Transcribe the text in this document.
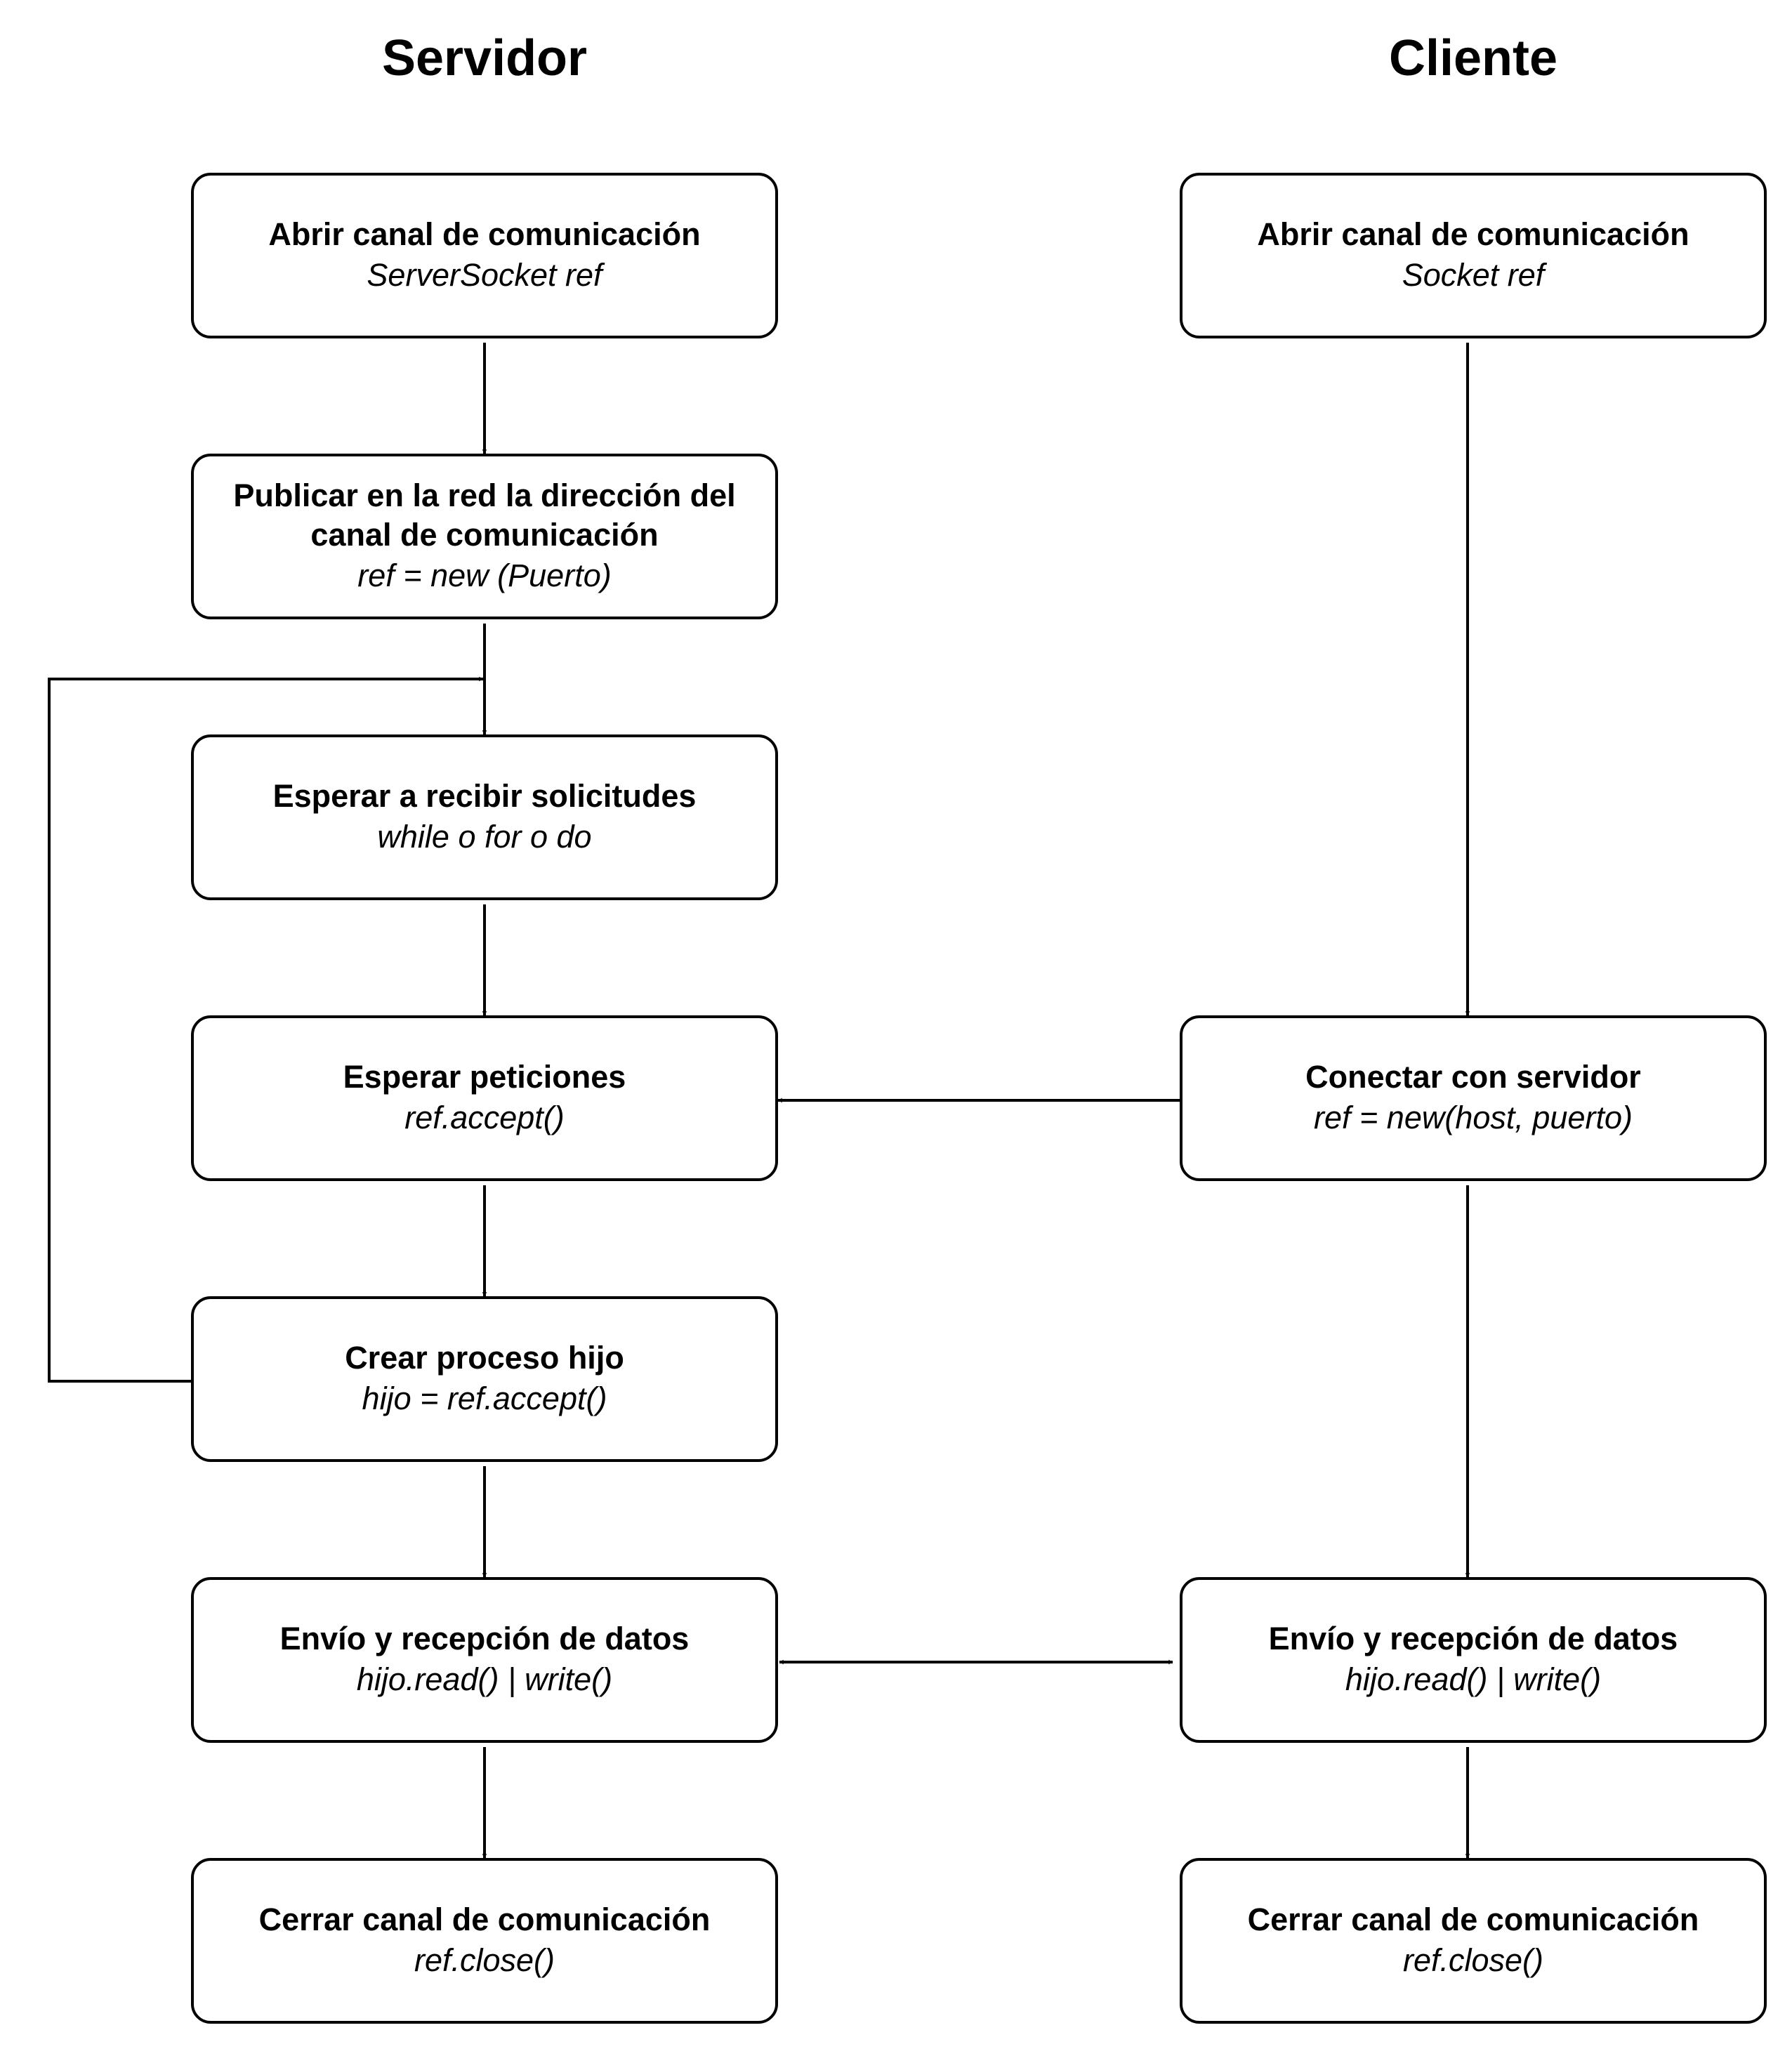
Servidor	Cliente
Abrir canal de comunicación
ServerSocket ref
Publicar en la red la dirección del canal de comunicación
ref = new (Puerto)
Esperar a recibir solicitudes
while o for o do
Esperar peticiones
ref.accept()
Crear proceso hijo
hijo = ref.accept()
Envío y recepción de datos
hijo.read() | write()
Cerrar canal de comunicación
ref.close()
Abrir canal de comunicación
Socket ref
Conectar con servidor
ref = new(host, puerto)
Envío y recepción de datos
hijo.read() | write()
Cerrar canal de comunicación
ref.close()
